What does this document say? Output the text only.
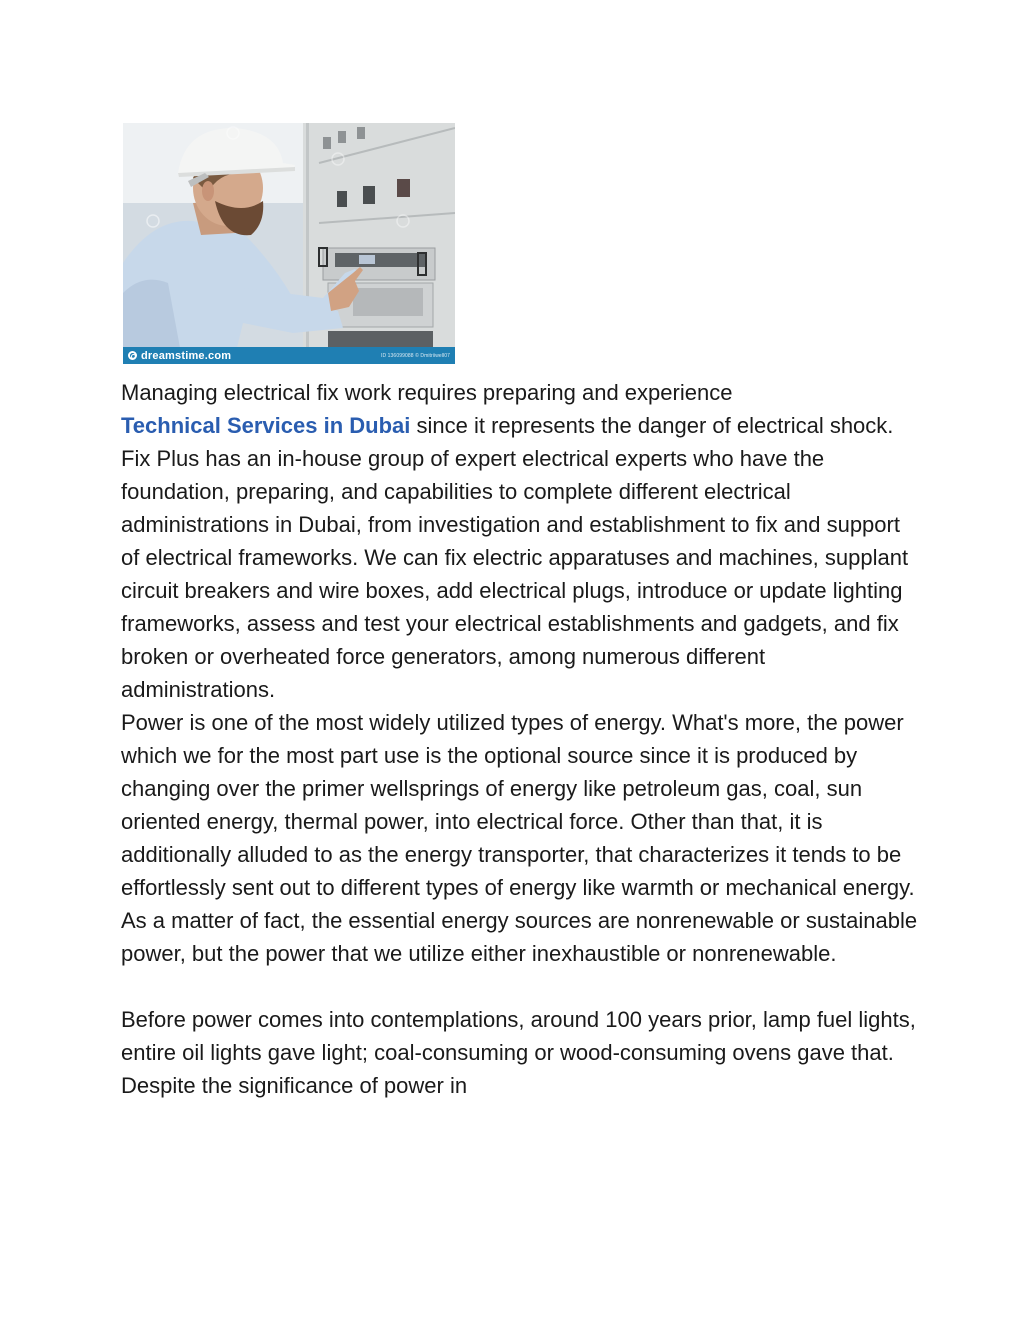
dreamstime.com	ID 136099088 © Dmitriiwell07

Managing electrical fix work requires preparing and experience
Technical Services in Dubai since it represents the danger of electrical shock. Fix Plus has an in-house group of expert electrical experts who have the foundation, preparing, and capabilities to complete different electrical administrations in Dubai, from investigation and establishment to fix and support of electrical frameworks. We can fix electric apparatuses and machines, supplant circuit breakers and wire boxes, add electrical plugs, introduce or update lighting frameworks, assess and test your electrical establishments and gadgets, and fix broken or overheated force generators, among numerous different administrations.

Power is one of the most widely utilized types of energy. What's more, the power which we for the most part use is the optional source since it is produced by changing over the primer wellsprings of energy like petroleum gas, coal, sun oriented energy, thermal power, into electrical force. Other than that, it is additionally alluded to as the energy transporter, that characterizes it tends to be effortlessly sent out to different types of energy like warmth or mechanical energy. As a matter of fact, the essential energy sources are nonrenewable or sustainable power, but the power that we utilize either inexhaustible or nonrenewable.

Before power comes into contemplations, around 100 years prior, lamp fuel lights, entire oil lights gave light; coal-consuming or wood-consuming ovens gave that. Despite the significance of power in
